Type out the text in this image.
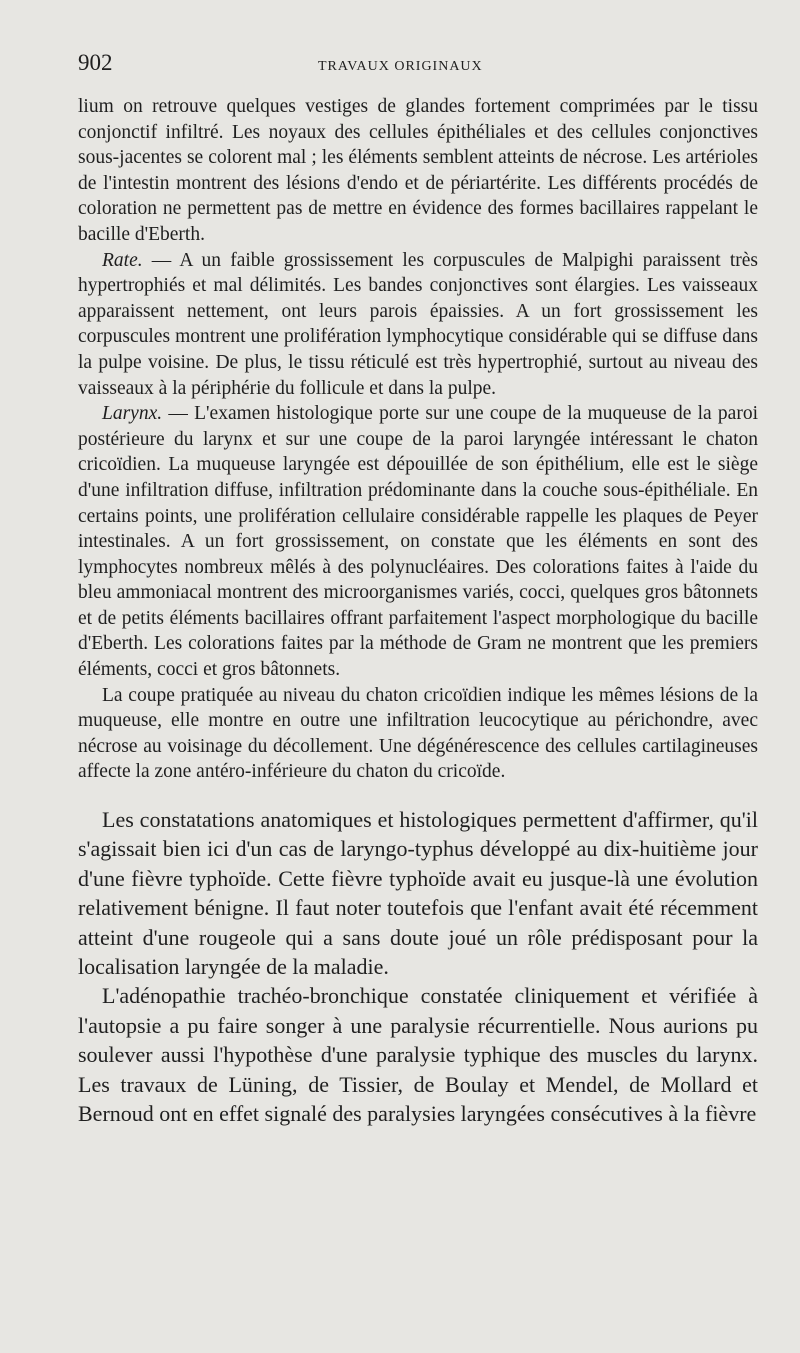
902	TRAVAUX ORIGINAUX

lium on retrouve quelques vestiges de glandes fortement comprimées par le tissu conjonctif infiltré. Les noyaux des cellules épithéliales et des cellules conjonctives sous-jacentes se colorent mal ; les éléments semblent atteints de nécrose. Les artérioles de l'intestin montrent des lésions d'endo et de périartérite. Les différents procédés de coloration ne permettent pas de mettre en évidence des formes bacillaires rappelant le bacille d'Eberth.

Rate. — A un faible grossissement les corpuscules de Malpighi paraissent très hypertrophiés et mal délimités. Les bandes conjonctives sont élargies. Les vaisseaux apparaissent nettement, ont leurs parois épaissies. A un fort grossissement les corpuscules montrent une prolifération lymphocytique considérable qui se diffuse dans la pulpe voisine. De plus, le tissu réticulé est très hypertrophié, surtout au niveau des vaisseaux à la périphérie du follicule et dans la pulpe.

Larynx. — L'examen histologique porte sur une coupe de la muqueuse de la paroi postérieure du larynx et sur une coupe de la paroi laryngée intéressant le chaton cricoïdien. La muqueuse laryngée est dépouillée de son épithélium, elle est le siège d'une infiltration diffuse, infiltration prédominante dans la couche sous-épithéliale. En certains points, une prolifération cellulaire considérable rappelle les plaques de Peyer intestinales. A un fort grossissement, on constate que les éléments en sont des lymphocytes nombreux mêlés à des polynucléaires. Des colorations faites à l'aide du bleu ammoniacal montrent des microorganismes variés, cocci, quelques gros bâtonnets et de petits éléments bacillaires offrant parfaitement l'aspect morphologique du bacille d'Eberth. Les colorations faites par la méthode de Gram ne montrent que les premiers éléments, cocci et gros bâtonnets.

La coupe pratiquée au niveau du chaton cricoïdien indique les mêmes lésions de la muqueuse, elle montre en outre une infiltration leucocytique au périchondre, avec nécrose au voisinage du décollement. Une dégénérescence des cellules cartilagineuses affecte la zone antéro-inférieure du chaton du cricoïde.

Les constatations anatomiques et histologiques permettent d'affirmer, qu'il s'agissait bien ici d'un cas de laryngo-typhus développé au dix-huitième jour d'une fièvre typhoïde. Cette fièvre typhoïde avait eu jusque-là une évolution relativement bénigne. Il faut noter toutefois que l'enfant avait été récemment atteint d'une rougeole qui a sans doute joué un rôle prédisposant pour la localisation laryngée de la maladie.

L'adénopathie trachéo-bronchique constatée cliniquement et vérifiée à l'autopsie a pu faire songer à une paralysie récurrentielle. Nous aurions pu soulever aussi l'hypothèse d'une paralysie typhique des muscles du larynx. Les travaux de Lüning, de Tissier, de Boulay et Mendel, de Mollard et Bernoud ont en effet signalé des paralysies laryngées consécutives à la fièvre
